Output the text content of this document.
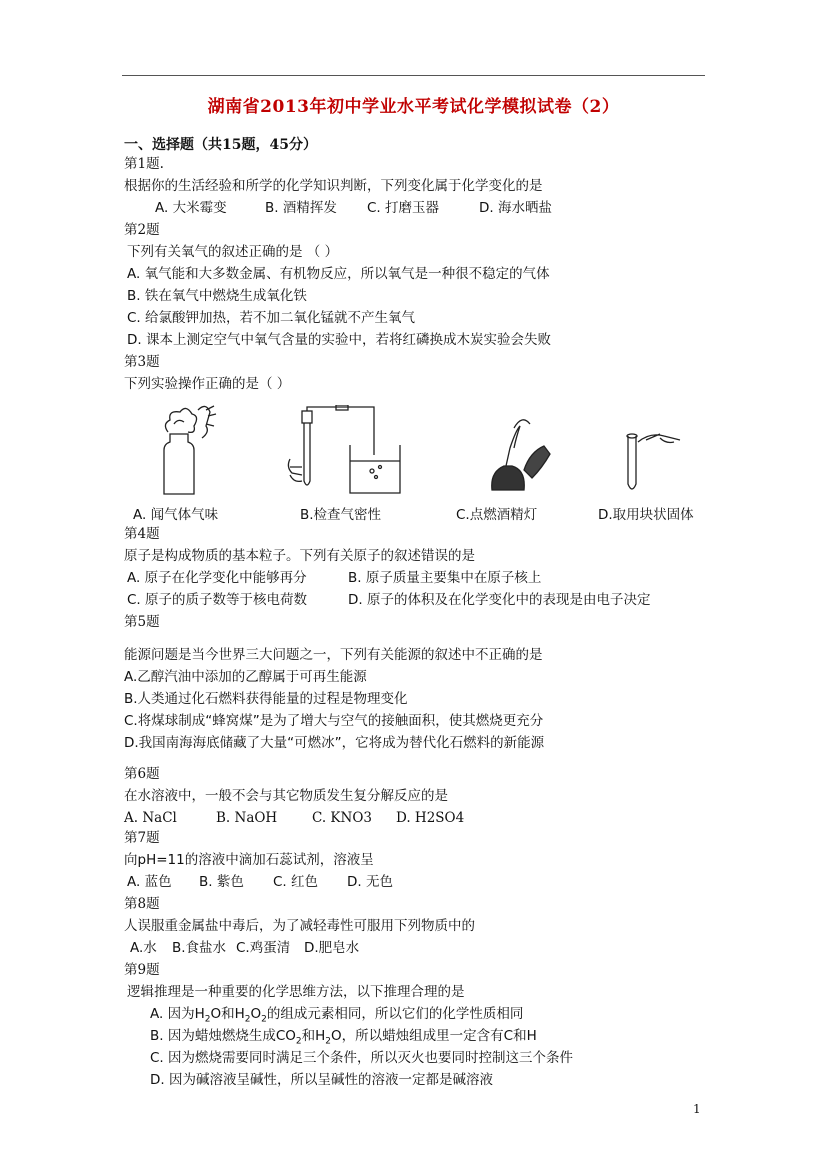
湖南省2013年初中学业水平考试化学模拟试卷（2）
一、选择题（共15题，45分）
第1题.
根据你的生活经验和所学的化学知识判断，下列变化属于化学变化的是
A. 大米霉变	B. 酒精挥发 C. 打磨玉器	D. 海水晒盐
第2题
下列有关氧气的叙述正确的是 （ ）
A. 氧气能和大多数金属、有机物反应，所以氧气是一种很不稳定的气体
B. 铁在氧气中燃烧生成氧化铁
C. 给氯酸钾加热，若不加二氧化锰就不产生氧气
D. 课本上测定空气中氧气含量的实验中，若将红磷换成木炭实验会失败
第3题
下列实验操作正确的是（ ）
A. 闻气体气味	B.检查气密性	C.点燃酒精灯	D.取用块状固体
第4题
原子是构成物质的基本粒子。下列有关原子的叙述错误的是
A. 原子在化学变化中能够再分	B. 原子质量主要集中在原子核上
C. 原子的质子数等于核电荷数	D. 原子的体积及在化学变化中的表现是由电子决定
第5题
能源问题是当今世界三大问题之一，下列有关能源的叙述中不正确的是
A.乙醇汽油中添加的乙醇属于可再生能源
B.人类通过化石燃料获得能量的过程是物理变化
C.将煤球制成“蜂窝煤”是为了增大与空气的接触面积，使其燃烧更充分
D.我国南海海底储藏了大量“可燃冰”，它将成为替代化石燃料的新能源
第6题
在水溶液中，一般不会与其它物质发生复分解反应的是
A. NaCl	B. NaOH	C. KNO3 D. H2SO4
第7题
向pH=11的溶液中滴加石蕊试剂，溶液呈
A. 蓝色 B. 紫色 C. 红色 D. 无色
第8题
人误服重金属盐中毒后，为了减轻毒性可服用下列物质中的
A.水 B.食盐水 C.鸡蛋清 D.肥皂水
第9题
逻辑推理是一种重要的化学思维方法，以下推理合理的是
A. 因为$H_2O$和$H_2O_2$的组成元素相同，所以它们的化学性质相同
B. 因为蜡烛燃烧生成$CO_2$和$H_2O$，所以蜡烛组成里一定含有C和H
C. 因为燃烧需要同时满足三个条件，所以灭火也要同时控制这三个条件
D. 因为碱溶液呈碱性，所以呈碱性的溶液一定都是碱溶液
1
